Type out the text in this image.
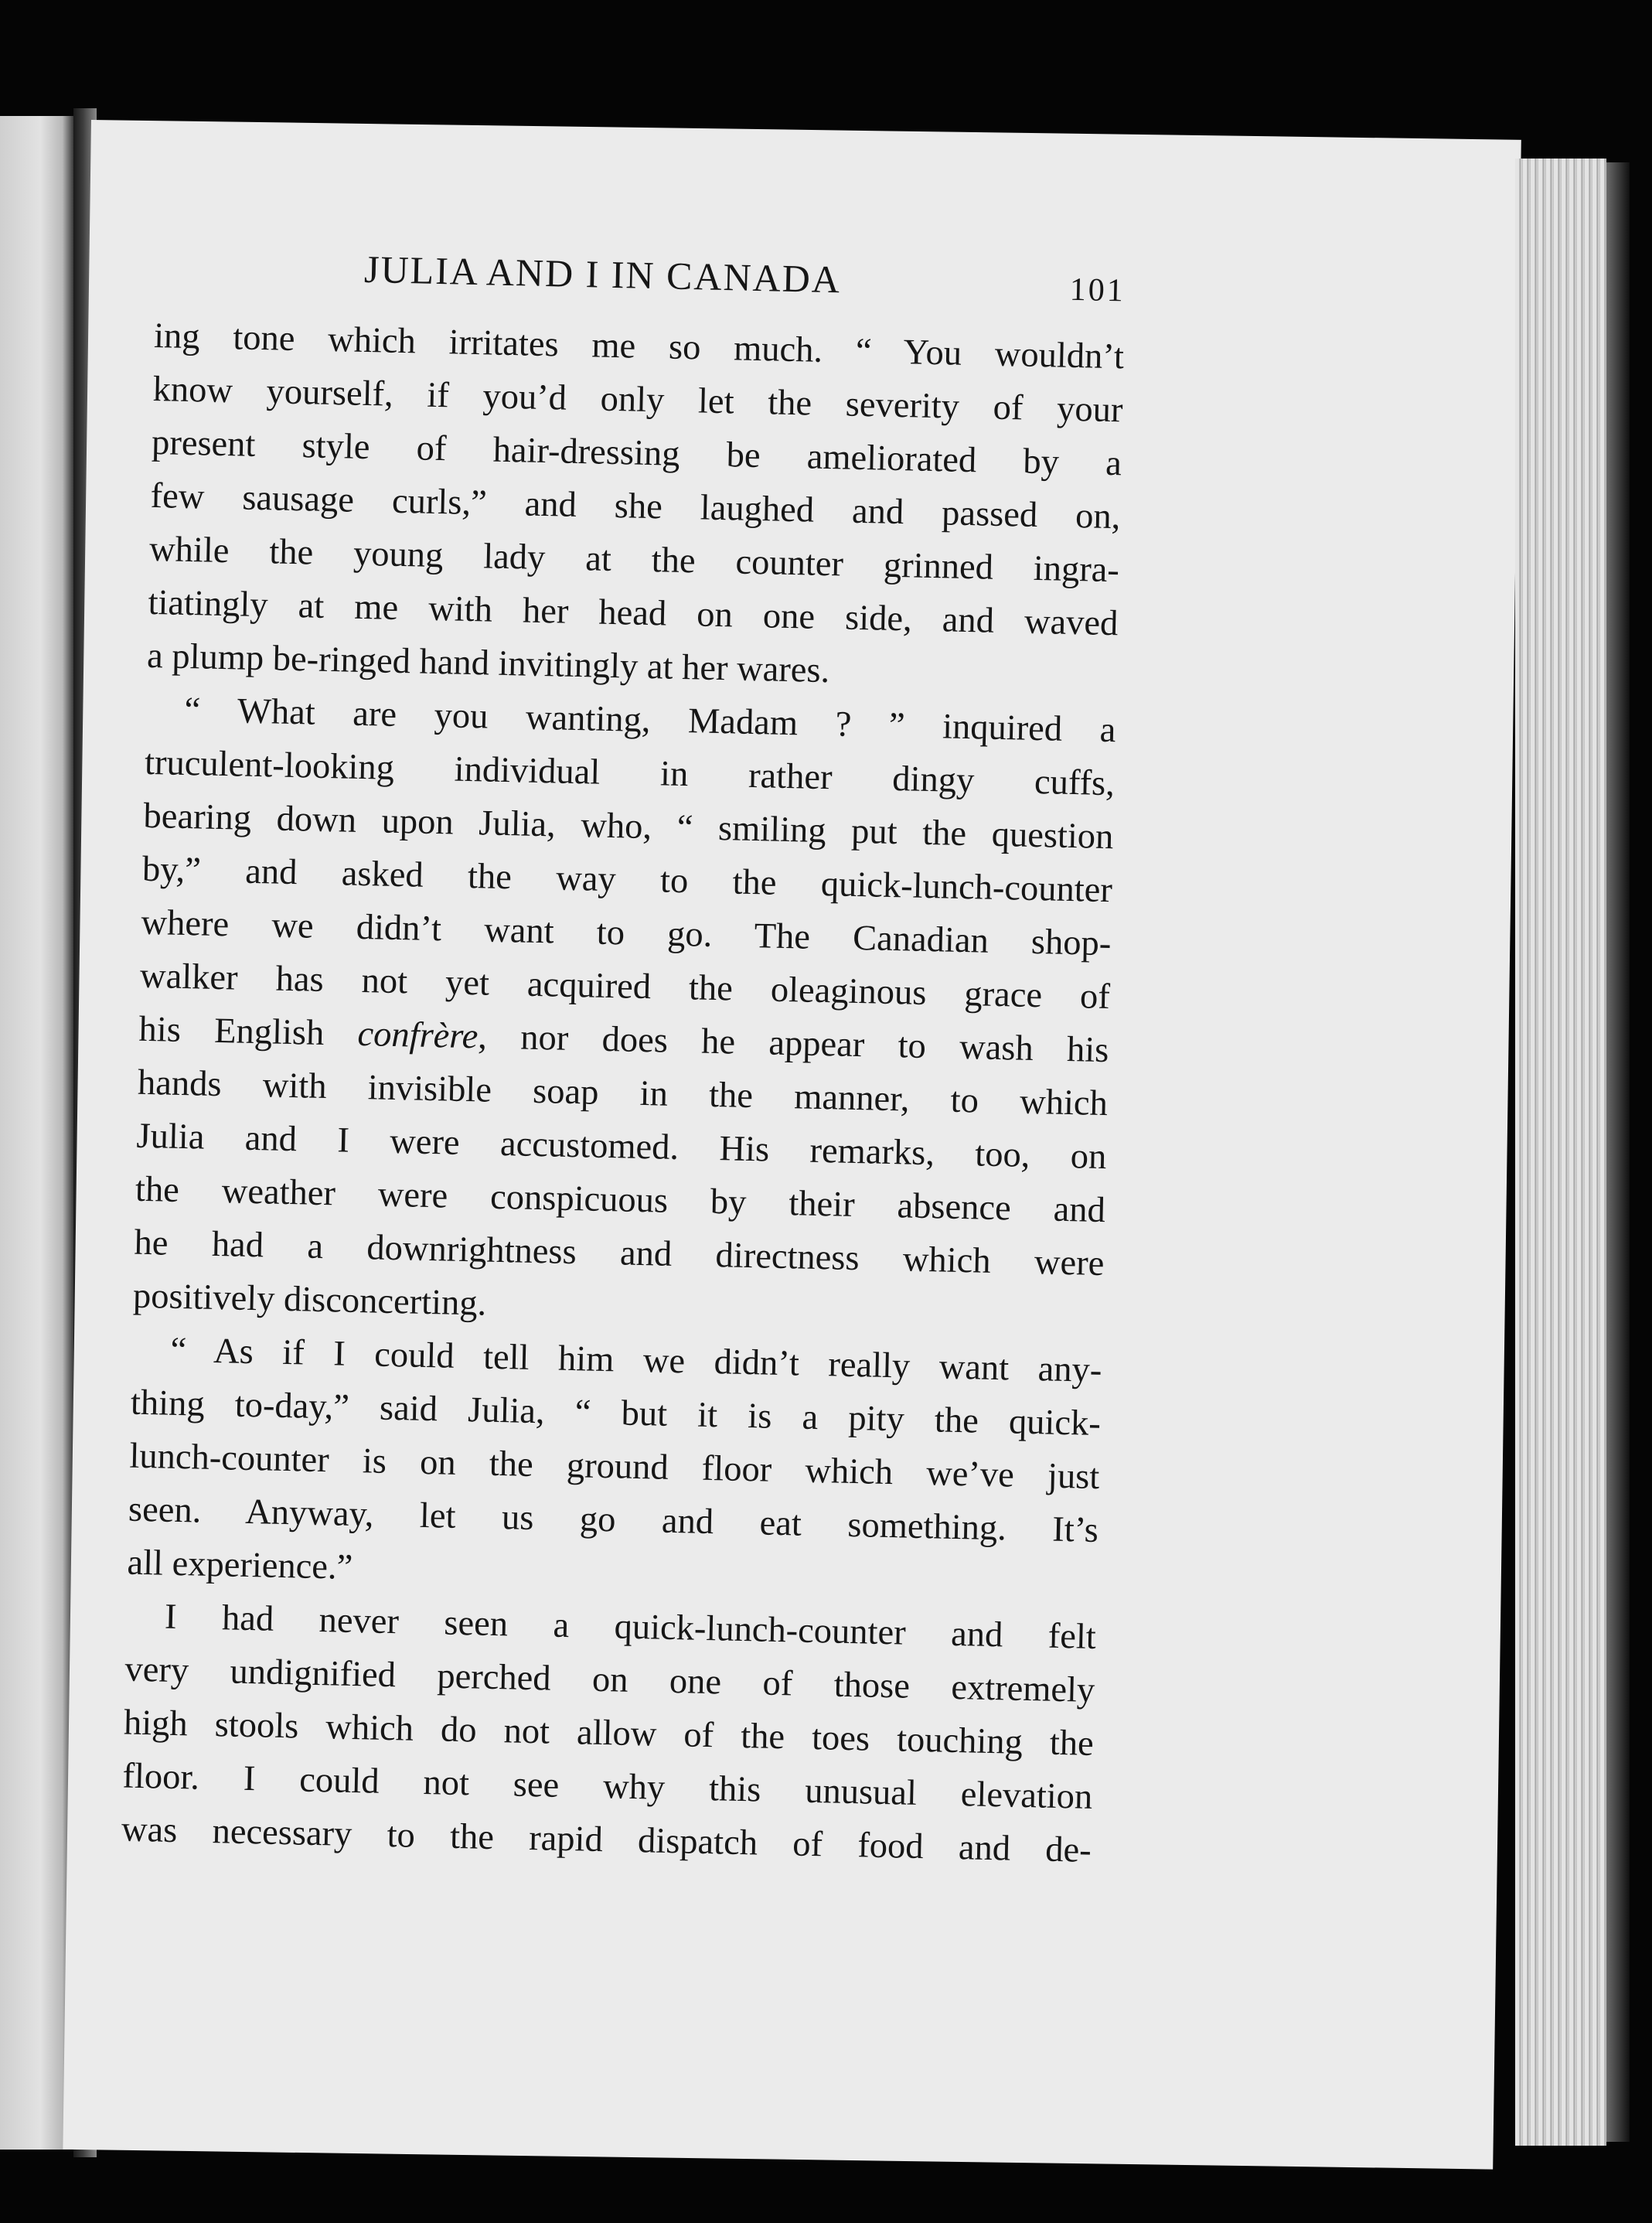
JULIA AND I IN CANADA	101

ing tone which irritates me so much. “ You wouldn’t

know yourself, if you’d only let the severity of your

present style of hair-dressing be ameliorated by a

few sausage curls,” and she laughed and passed on,

while the young lady at the counter grinned ingra-

tiatingly at me with her head on one side, and waved

a plump be-ringed hand invitingly at her wares.

“ What are you wanting, Madam ? ” inquired a

truculent-looking individual in rather dingy cuffs,

bearing down upon Julia, who, “ smiling put the question

by,” and asked the way to the quick-lunch-counter

where we didn’t want to go. The Canadian shop-

walker has not yet acquired the oleaginous grace of

his English confrère, nor does he appear to wash his

hands with invisible soap in the manner, to which

Julia and I were accustomed. His remarks, too, on

the weather were conspicuous by their absence and

he had a downrightness and directness which were

positively disconcerting.

“ As if I could tell him we didn’t really want any-

thing to-day,” said Julia, “ but it is a pity the quick-

lunch-counter is on the ground floor which we’ve just

seen. Anyway, let us go and eat something. It’s

all experience.”

I had never seen a quick-lunch-counter and felt

very undignified perched on one of those extremely

high stools which do not allow of the toes touching the

floor. I could not see why this unusual elevation

was necessary to the rapid dispatch of food and de-
